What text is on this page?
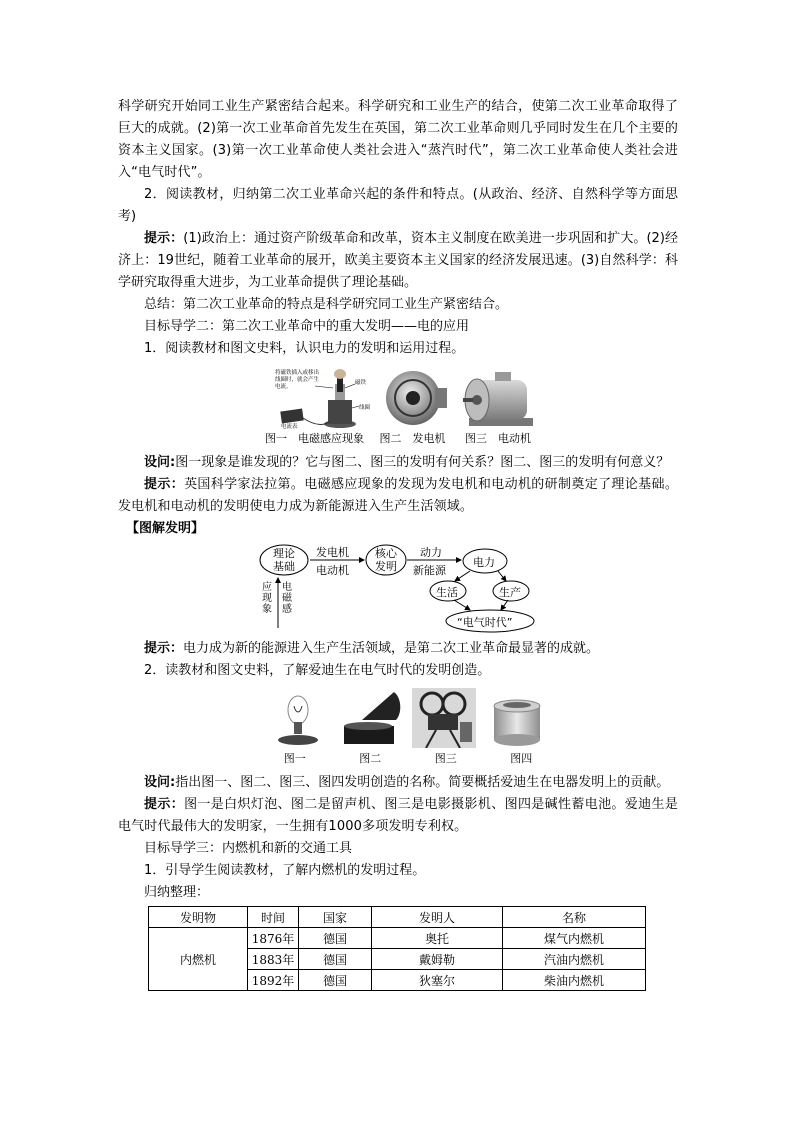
科学研究开始同工业生产紧密结合起来。科学研究和工业生产的结合，使第二次工业革命取得了巨大的成就。(2)第一次工业革命首先发生在英国，第二次工业革命则几乎同时发生在几个主要的资本主义国家。(3)第一次工业革命使人类社会进入“蒸汽时代”，第二次工业革命使人类社会进入“电气时代”。

2．阅读教材，归纳第二次工业革命兴起的条件和特点。(从政治、经济、自然科学等方面思考)

提示：(1)政治上：通过资产阶级革命和改革，资本主义制度在欧美进一步巩固和扩大。(2)经济上：19世纪，随着工业革命的展开，欧美主要资本主义国家的经济发展迅速。(3)自然科学：科学研究取得重大进步，为工业革命提供了理论基础。

总结：第二次工业革命的特点是科学研究同工业生产紧密结合。

目标导学二：第二次工业革命中的重大发明——电的应用

1．阅读教材和图文史料，认识电力的发明和运用过程。

将磁铁插入或移出线圈时，就会产生电流。
磁铁
线圈
电流表
图一　电磁感应现象 图二　发电机 图三　电动机

设问:图一现象是谁发现的？它与图二、图三的发明有何关系？图二、图三的发明有何意义？

提示：英国科学家法拉第。电磁感应现象的发现为发电机和电动机的研制奠定了理论基础。发电机和电动机的发明使电力成为新能源进入生产生活领域。

【图解发明】

理论
基础
发电机
电动机
核心
发明
动力
新能源
电力
生活	生产
“电气时代”
应
现
象
电
磁
感

提示：电力成为新的能源进入生产生活领域，是第二次工业革命最显著的成就。

2．读教材和图文史料，了解爱迪生在电气时代的发明创造。

图一	图二	图三	图四

设问:指出图一、图二、图三、图四发明创造的名称。简要概括爱迪生在电器发明上的贡献。

提示：图一是白炽灯泡、图二是留声机、图三是电影摄影机、图四是碱性蓄电池。爱迪生是电气时代最伟大的发明家，一生拥有1000多项发明专利权。

目标导学三：内燃机和新的交通工具

1．引导学生阅读教材，了解内燃机的发明过程。

归纳整理：

发明物	时间	国家	发明人	名称
内燃机	1876年	德国	奥托	煤气内燃机
	1883年	德国	戴姆勒	汽油内燃机
	1892年	德国	狄塞尔	柴油内燃机
